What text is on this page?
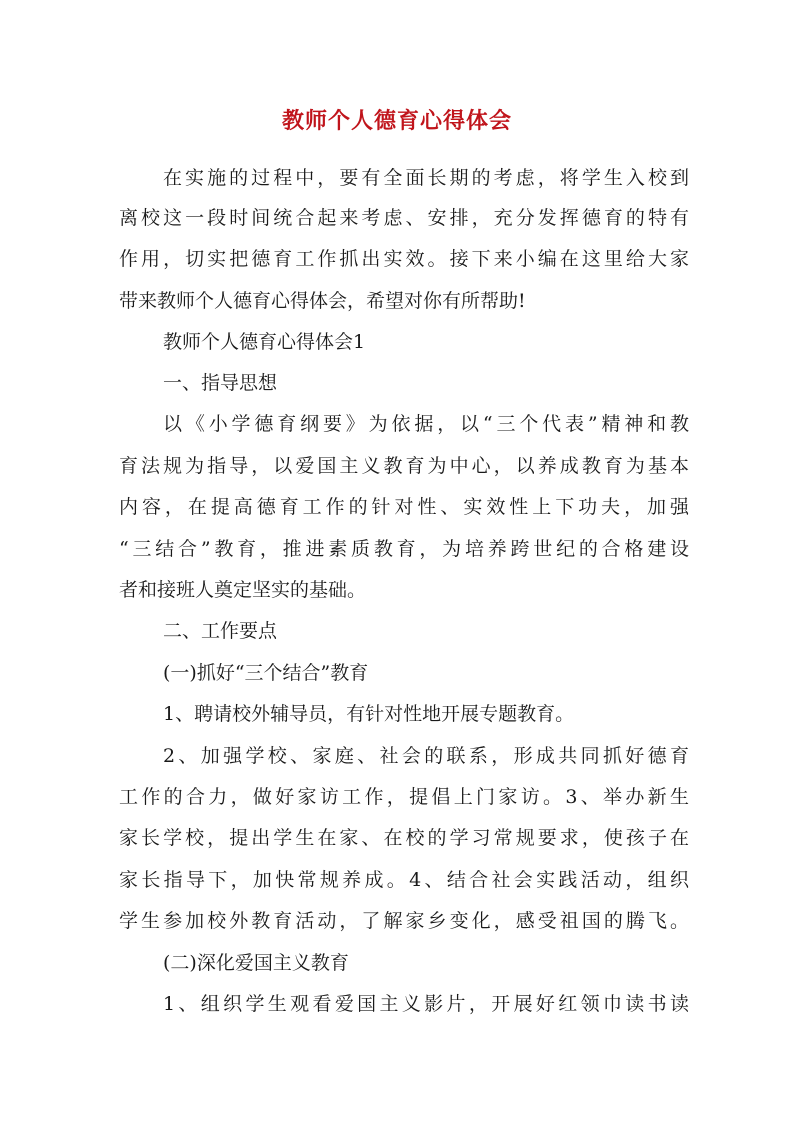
教师个人德育心得体会

在实施的过程中，要有全面长期的考虑，将学生入校到

离校这一段时间统合起来考虑、安排，充分发挥德育的特有

作用，切实把德育工作抓出实效。接下来小编在这里给大家

带来教师个人德育心得体会，希望对你有所帮助!

教师个人德育心得体会1

一、指导思想

以《小学德育纲要》为依据，以“三个代表”精神和教

育法规为指导，以爱国主义教育为中心，以养成教育为基本

内容，在提高德育工作的针对性、实效性上下功夫，加强

“三结合”教育，推进素质教育，为培养跨世纪的合格建设

者和接班人奠定坚实的基础。

二、工作要点

(一)抓好“三个结合”教育

1、聘请校外辅导员，有针对性地开展专题教育。

2、加强学校、家庭、社会的联系，形成共同抓好德育

工作的合力，做好家访工作，提倡上门家访。3、举办新生

家长学校，提出学生在家、在校的学习常规要求，使孩子在

家长指导下，加快常规养成。4、结合社会实践活动，组织

学生参加校外教育活动，了解家乡变化，感受祖国的腾飞。

(二)深化爱国主义教育

1、组织学生观看爱国主义影片，开展好红领巾读书读
